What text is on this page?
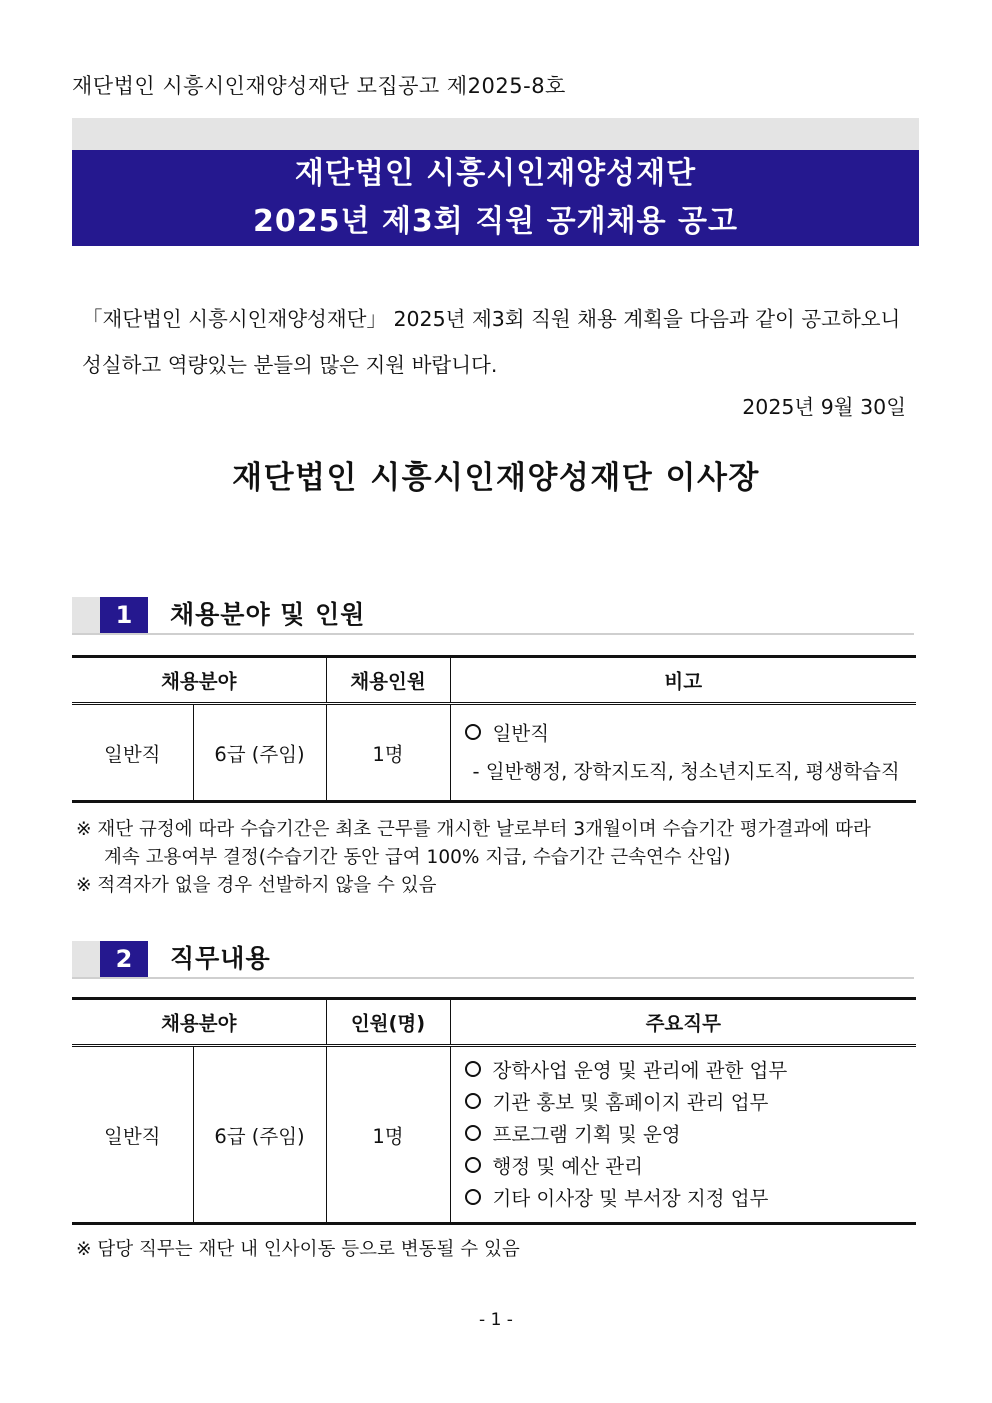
재단법인 시흥시인재양성재단 모집공고 제2025-8호
재단법인 시흥시인재양성재단
2025년 제3회 직원 공개채용 공고
「재단법인 시흥시인재양성재단」 2025년 제3회 직원 채용 계획을 다음과 같이 공고하오니
성실하고 역량있는 분들의 많은 지원 바랍니다.
2025년 9월 30일
재단법인 시흥시인재양성재단 이사장
1	채용분야 및 인원
채용분야		채용인원	비고
일반직	6급 (주임)	1명	일반직
- 일반행정, 장학지도직, 청소년지도직, 평생학습직
※ 재단 규정에 따라 수습기간은 최초 근무를 개시한 날로부터 3개월이며 수습기간 평가결과에 따라
계속 고용여부 결정(수습기간 동안 급여 100% 지급, 수습기간 근속연수 산입)
※ 적격자가 없을 경우 선발하지 않을 수 있음
2	직무내용
채용분야		인원(명)	주요직무
일반직	6급 (주임)	1명	장학사업 운영 및 관리에 관한 업무
기관 홍보 및 홈페이지 관리 업무
프로그램 기획 및 운영
행정 및 예산 관리
기타 이사장 및 부서장 지정 업무
※ 담당 직무는 재단 내 인사이동 등으로 변동될 수 있음
- 1 -
